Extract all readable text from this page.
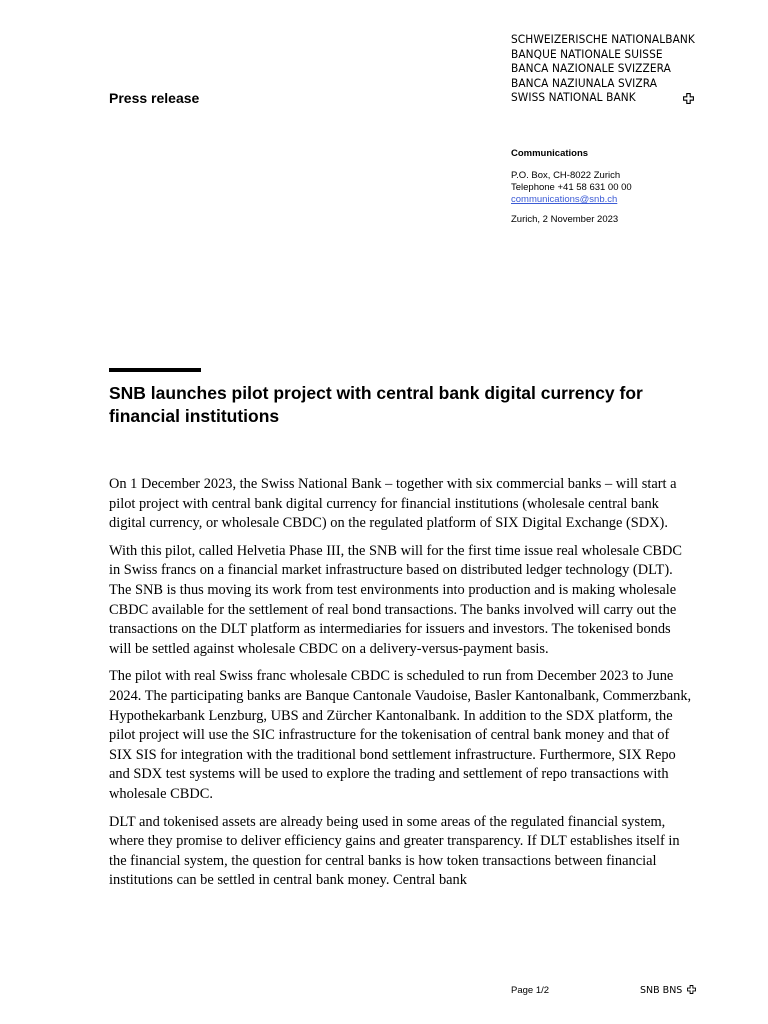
SCHWEIZERISCHE NATIONALBANK
BANQUE NATIONALE SUISSE
BANCA NAZIONALE SVIZZERA
BANCA NAZIUNALA SVIZRA
SWISS NATIONAL BANK
Press release
Communications
P.O. Box, CH-8022 Zurich
Telephone +41 58 631 00 00
communications@snb.ch
Zurich, 2 November 2023
SNB launches pilot project with central bank digital currency for financial institutions

On 1 December 2023, the Swiss National Bank – together with six commercial banks – will start a pilot project with central bank digital currency for financial institutions (wholesale central bank digital currency, or wholesale CBDC) on the regulated platform of SIX Digital Exchange (SDX).

With this pilot, called Helvetia Phase III, the SNB will for the first time issue real wholesale CBDC in Swiss francs on a financial market infrastructure based on distributed ledger technology (DLT). The SNB is thus moving its work from test environments into production and is making wholesale CBDC available for the settlement of real bond transactions. The banks involved will carry out the transactions on the DLT platform as intermediaries for issuers and investors. The tokenised bonds will be settled against wholesale CBDC on a delivery-versus-payment basis.

The pilot with real Swiss franc wholesale CBDC is scheduled to run from December 2023 to June 2024. The participating banks are Banque Cantonale Vaudoise, Basler Kantonalbank, Commerzbank, Hypothekarbank Lenzburg, UBS and Zürcher Kantonalbank. In addition to the SDX platform, the pilot project will use the SIC infrastructure for the tokenisation of central bank money and that of SIX SIS for integration with the traditional bond settlement infrastructure. Furthermore, SIX Repo and SDX test systems will be used to explore the trading and settlement of repo transactions with wholesale CBDC.

DLT and tokenised assets are already being used in some areas of the regulated financial system, where they promise to deliver efficiency gains and greater transparency. If DLT establishes itself in the financial system, the question for central banks is how token transactions between financial institutions can be settled in central bank money. Central bank

Page 1/2	SNB BNS
